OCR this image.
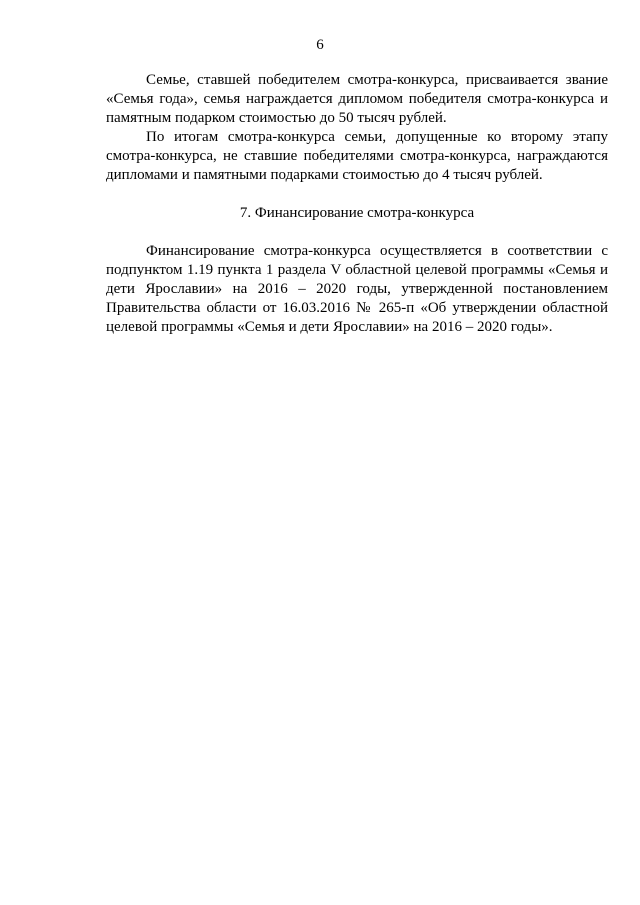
6

Семье, ставшей победителем смотра-конкурса, присваивается звание «Семья года», семья награждается дипломом победителя смотра-конкурса и памятным подарком стоимостью до 50 тысяч рублей.

По итогам смотра-конкурса семьи, допущенные ко второму этапу смотра-конкурса, не ставшие победителями смотра-конкурса, награждаются дипломами и памятными подарками стоимостью до 4 тысяч рублей.

7. Финансирование смотра-конкурса

Финансирование смотра-конкурса осуществляется в соответствии с подпунктом 1.19 пункта 1 раздела V областной целевой программы «Семья и дети Ярославии» на 2016 – 2020 годы, утвержденной постановлением Правительства области от 16.03.2016 № 265-п «Об утверждении областной целевой программы «Семья и дети Ярославии» на 2016 – 2020 годы».
